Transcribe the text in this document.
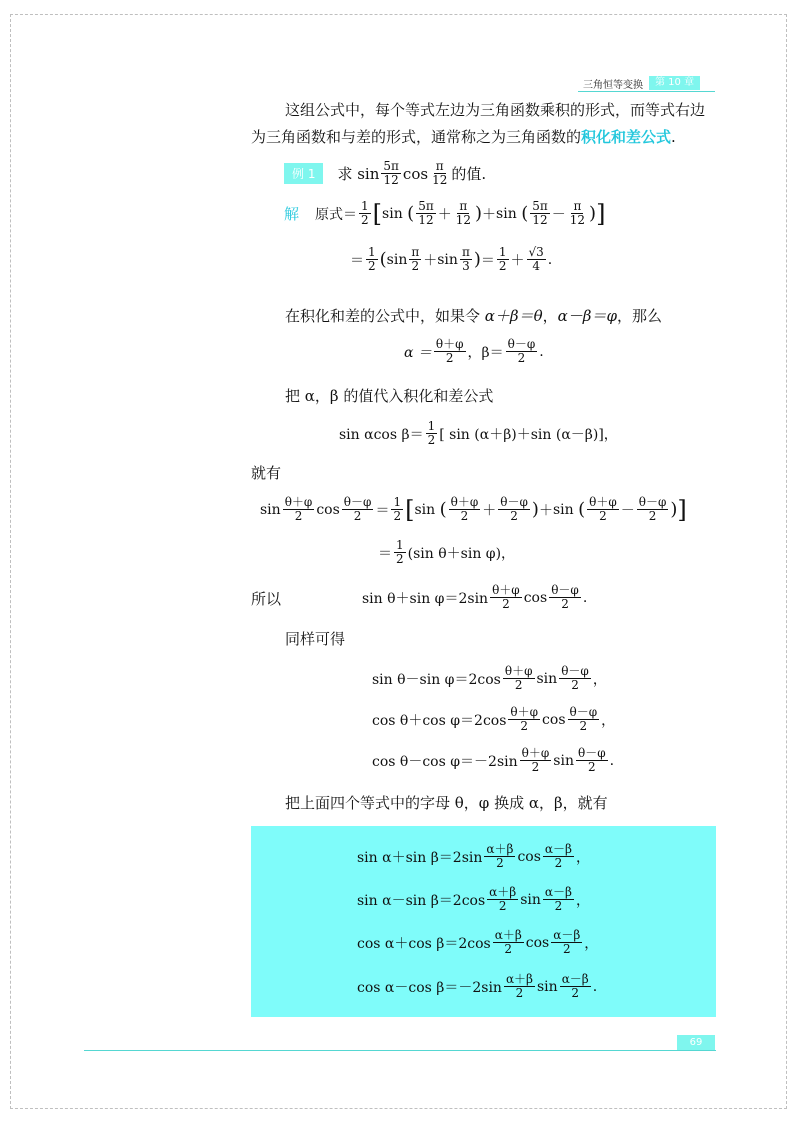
三角恒等变换	第 10 章
这组公式中，每个等式左边为三角函数乘积的形式，而等式右边
为三角函数和与差的形式，通常称之为三角函数的积化和差公式.
例 1	求 $\sin \frac{5\pi}{12}$ $\cos \frac{\pi}{12}$ 的值.
解 原式＝ $\frac{1}{2}$ [ sin
( $\frac{5\pi}{12} + \frac{\pi}{12}$ ) ＋ sin
( $\frac{5\pi}{12} - \frac{\pi}{12}$ ) ]
＝ $\frac{1}{2}$ ( $\sin \frac{\pi}{2} + \sin \frac{\pi}{3}$ ) ＝ $\frac{1}{2} + \frac{√3}{4}$ .
在积化和差的公式中，如果令 α＋β＝θ，α－β＝φ，那么
$\alpha = \frac{\theta+\varphi}{2}$ ，$\beta= \frac{\theta-\varphi}{2}$ .
把 α，β 的值代入积化和差公式
sin αcos $\beta= \frac{1}{2}$ [ sin (α＋β)＋sin (α－β)]，
就有
$\sin \frac{\theta+\varphi}{2}$ $\cos \frac{\theta-\varphi}{2} = \frac{1}{2}$ [ sin
( $\frac{\theta+\varphi}{2} + \frac{\theta-\varphi}{2}$ ) ＋ sin
( $\frac{\theta+\varphi}{2} - \frac{\theta-\varphi}{2}$ ) ]
＝ $\frac{1}{2} (\sin$ θ＋sin φ)，
所以	sin θ＋sin $\varphi=2\sin \frac{\theta+\varphi}{2}$ $\cos \frac{\theta-\varphi}{2}$ .
同样可得
sin θ－sin $\varphi=2\cos \frac{\theta+\varphi}{2}$ $\sin \frac{\theta-\varphi}{2}$ ，
cos θ＋cos $\varphi=2\cos \frac{\theta+\varphi}{2}$ $\cos \frac{\theta-\varphi}{2}$ ，
cos θ－cos $\varphi=-2\sin \frac{\theta+\varphi}{2}$ $\sin \frac{\theta-\varphi}{2}$ .
把上面四个等式中的字母 θ，φ 换成 α，β，就有
sin α＋sin $\beta=2\sin \frac{\alpha+\beta}{2}$ $\cos \frac{\alpha-\beta}{2}$ ，
sin α－sin $\beta=2\cos \frac{\alpha+\beta}{2}$ $\sin \frac{\alpha-\beta}{2}$ ，
cos α＋cos $\beta=2\cos \frac{\alpha+\beta}{2}$ $\cos \frac{\alpha-\beta}{2}$ ，
cos α－cos $\beta=-2\sin \frac{\alpha+\beta}{2}$ $\sin \frac{\alpha-\beta}{2}$ .
69
